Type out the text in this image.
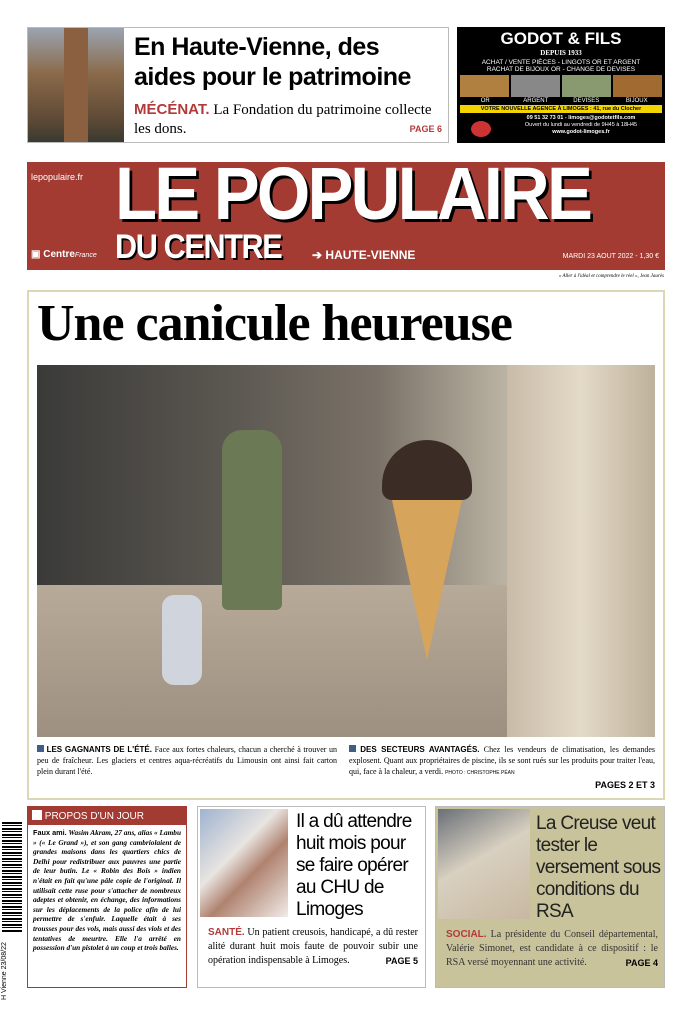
En Haute-Vienne, des
aides pour le patrimoine
MÉCÉNAT. La Fondation du patrimoine collecte les dons.	PAGE 6
GODOT & FILS
DEPUIS 1933
ACHAT / VENTE PIÈCES - LINGOTS OR ET ARGENT
RACHAT DE BIJOUX OR - CHANGE DE DEVISES
OR	ARGENT	DEVISES	BIJOUX
VOTRE NOUVELLE AGENCE À LIMOGES : 41, rue du Clocher
09 51 32 73 01 - limoges@godotetfils.com
Ouvert du lundi au vendredi de 9H45 à 18H45
www.godot-limoges.fr
lepopulaire.fr LE POPULAIRE
DU CENTRE
▣ CentreFrance	➔ HAUTE-VIENNE	MARDI 23 AOUT 2022 - 1,30 €
« Aller à l'idéal et comprendre le réel », Jean Jaurès
Une canicule heureuse
LES GAGNANTS DE L'ÉTÉ. Face aux fortes chaleurs, chacun a cherché à trouver un peu de fraîcheur. Les glaciers et centres aqua-récréatifs du Limousin ont ainsi fait carton plein durant l'été.
DES SECTEURS AVANTAGÉS. Chez les vendeurs de climatisation, les demandes explosent. Quant aux propriétaires de piscine, ils se sont rués sur les produits pour traiter l'eau, qui, face à la chaleur, a verdi. PHOTO : CHRISTOPHE PÉAN
PAGES 2 ET 3
H Vienne 23/08/22
PROPOS D'UN JOUR
Faux ami. Wasim Akram, 27 ans, alias « Lambu » (« Le Grand »), et son gang cambriolaient de grandes maisons dans les quartiers chics de Delhi pour redistribuer aux pauvres une partie de leur butin. Le « Robin des Bois » indien n'était en fait qu'une pâle copie de l'original. Il utilisait cette ruse pour s'attacher de nombreux adeptes et obtenir, en échange, des informations sur les déplacements de la police afin de lui permettre de s'enfuir. Laquelle était à ses trousses pour des vols, mais aussi des viols et des tentatives de meurtre. Elle l'a arrêté en possession d'un pistolet à un coup et trois balles.
Il a dû attendre huit mois pour se faire opérer au CHU de Limoges
SANTÉ. Un patient creusois, handicapé, a dû rester alité durant huit mois faute de pouvoir subir une opération indispensable à Limoges.	PAGE 5
La Creuse veut tester le versement sous conditions du RSA
SOCIAL. La présidente du Conseil départemental, Valérie Simonet, est candidate à ce dispositif : le RSA versé moyennant une activité.	PAGE 4
